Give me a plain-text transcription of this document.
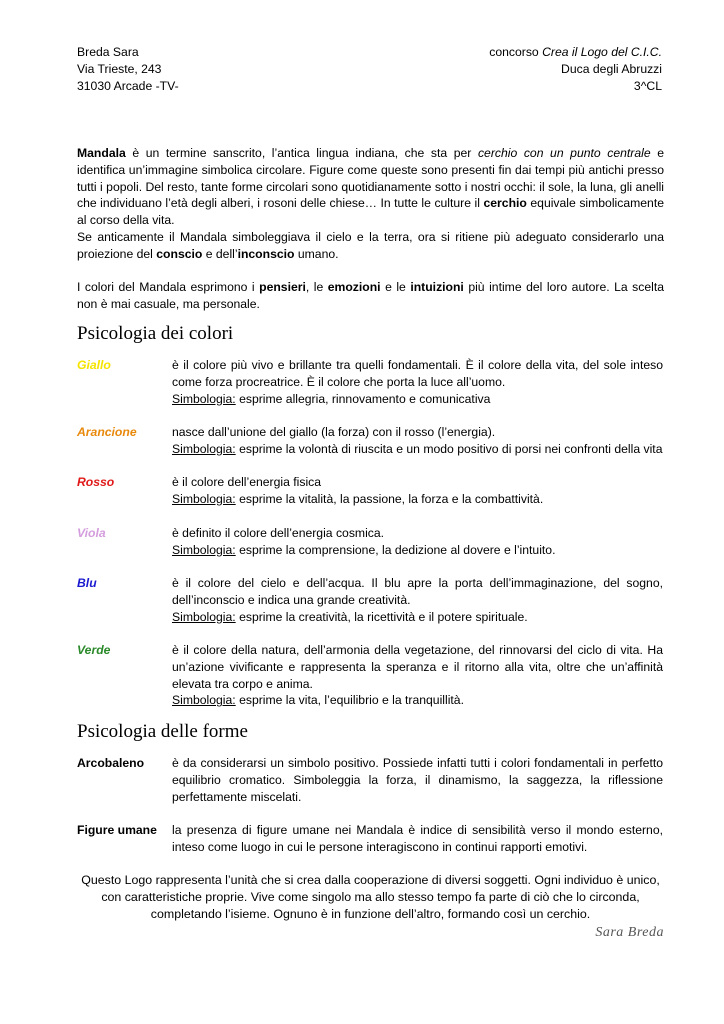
Breda Sara
Via Trieste, 243
31030 Arcade -TV-
concorso Crea il Logo del C.I.C.
Duca degli Abruzzi
3^CL
Mandala è un termine sanscrito, l’antica lingua indiana, che sta per cerchio con un punto centrale e identifica un’immagine simbolica circolare. Figure come queste sono presenti fin dai tempi più antichi presso tutti i popoli. Del resto, tante forme circolari sono quotidianamente sotto i nostri occhi: il sole, la luna, gli anelli che individuano l’età degli alberi, i rosoni delle chiese… In tutte le culture il cerchio equivale simbolicamente al corso della vita.
Se anticamente il Mandala simboleggiava il cielo e la terra, ora si ritiene più adeguato considerarlo una proiezione del conscio e dell’inconscio umano.
I colori del Mandala esprimono i pensieri, le emozioni e le intuizioni più intime del loro autore. La scelta non è mai casuale, ma personale.
Psicologia dei colori
Giallo	è il colore più vivo e brillante tra quelli fondamentali. È il colore della vita, del sole inteso come forza procreatrice. È il colore che porta la luce all’uomo.
Simbologia: esprime allegria, rinnovamento e comunicativa
Arancione	nasce dall’unione del giallo (la forza) con il rosso (l’energia).
Simbologia: esprime la volontà di riuscita e un modo positivo di porsi nei confronti della vita
Rosso	è il colore dell’energia fisica
Simbologia: esprime la vitalità, la passione, la forza e la combattività.
Viola	è definito il colore dell’energia cosmica.
Simbologia: esprime la comprensione, la dedizione al dovere e l’intuito.
Blu	è il colore del cielo e dell’acqua. Il blu apre la porta dell’immaginazione, del sogno, dell’inconscio e indica una grande creatività.
Simbologia: esprime la creatività, la ricettività e il potere spirituale.
Verde	è il colore della natura, dell’armonia della vegetazione, del rinnovarsi del ciclo di vita. Ha un’azione vivificante e rappresenta la speranza e il ritorno alla vita, oltre che un’affinità elevata tra corpo e anima.
Simbologia: esprime la vita, l’equilibrio e la tranquillità.
Psicologia delle forme
Arcobaleno	è da considerarsi un simbolo positivo. Possiede infatti tutti i colori fondamentali in perfetto equilibrio cromatico. Simboleggia la forza, il dinamismo, la saggezza, la riflessione perfettamente miscelati.
Figure umane	la presenza di figure umane nei Mandala è indice di sensibilità verso il mondo esterno, inteso come luogo in cui le persone interagiscono in continui rapporti emotivi.
Questo Logo rappresenta l’unità che si crea dalla cooperazione di diversi soggetti. Ogni individuo è unico, con caratteristiche proprie. Vive come singolo ma allo stesso tempo fa parte di ciò che lo circonda, completando l’isieme. Ognuno è in funzione dell’altro, formando così un cerchio.
Sara Breda
